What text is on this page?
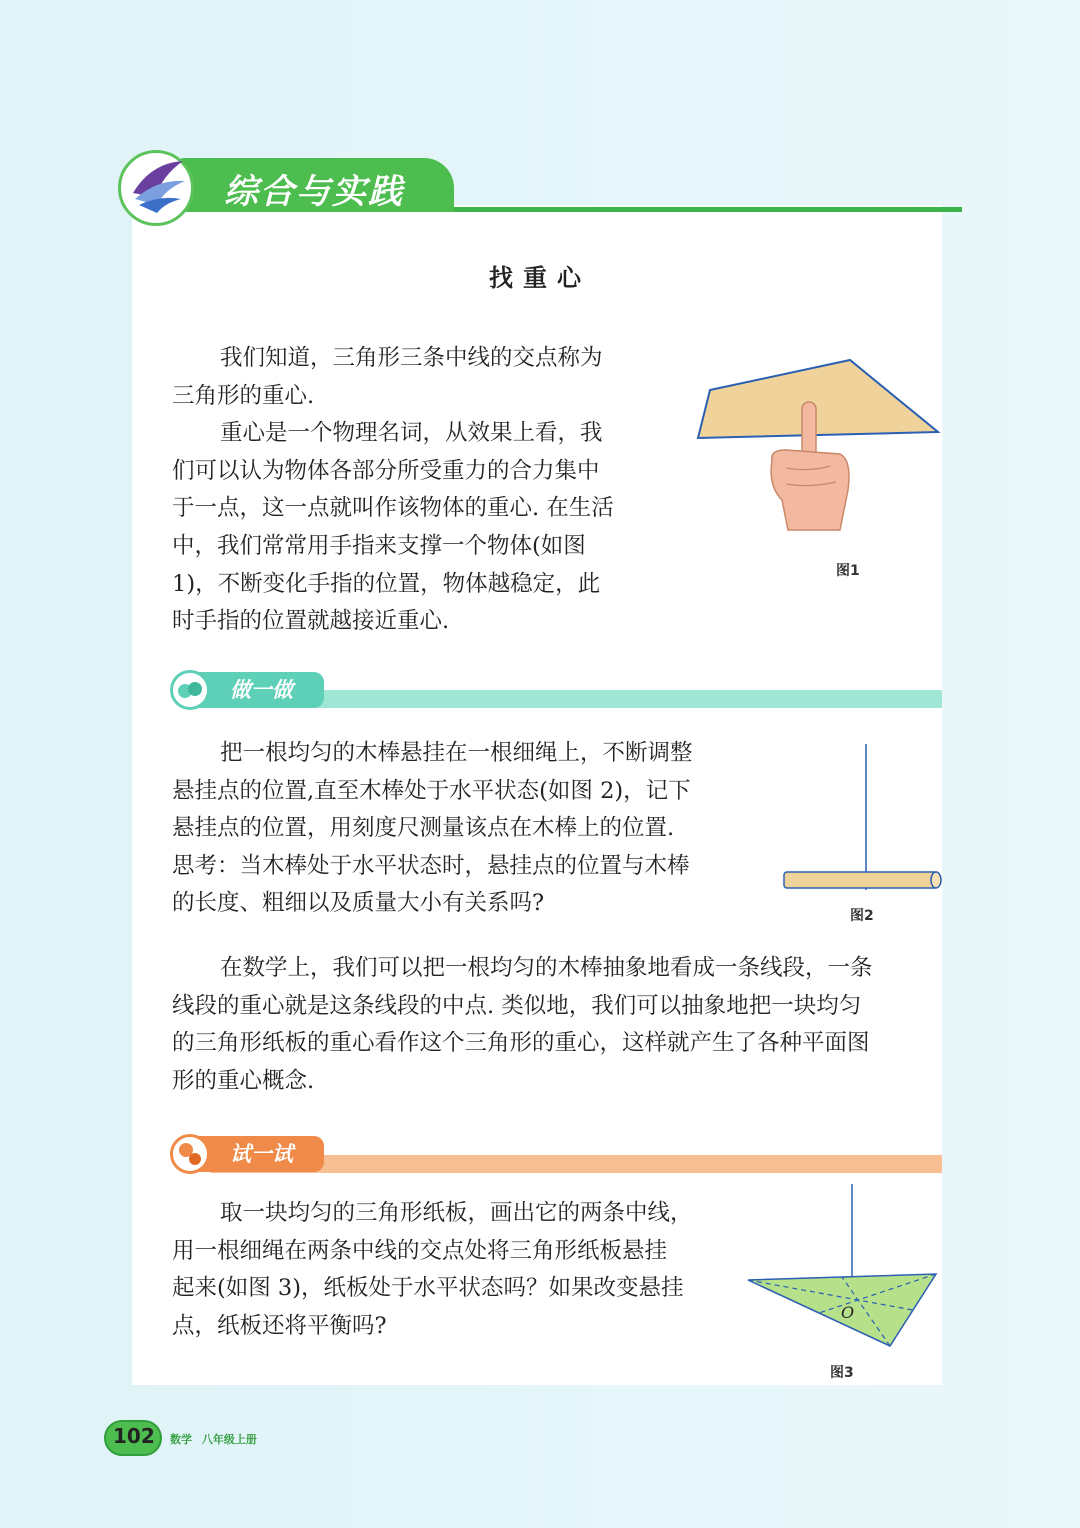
综合与实践
找重心
我们知道，三角形三条中线的交点称为
三角形的重心.
重心是一个物理名词，从效果上看，我
们可以认为物体各部分所受重力的合力集中
于一点，这一点就叫作该物体的重心. 在生活
中，我们常常用手指来支撑一个物体(如图
1)，不断变化手指的位置，物体越稳定，此
时手指的位置就越接近重心.
图1
做一做
把一根均匀的木棒悬挂在一根细绳上，不断调整
悬挂点的位置,直至木棒处于水平状态(如图 2)，记下
悬挂点的位置，用刻度尺测量该点在木棒上的位置.
思考：当木棒处于水平状态时，悬挂点的位置与木棒
的长度、粗细以及质量大小有关系吗?	图2
在数学上，我们可以把一根均匀的木棒抽象地看成一条线段，一条
线段的重心就是这条线段的中点. 类似地，我们可以抽象地把一块均匀
的三角形纸板的重心看作这个三角形的重心，这样就产生了各种平面图
形的重心概念.
试一试
取一块均匀的三角形纸板，画出它的两条中线，
用一根细绳在两条中线的交点处将三角形纸板悬挂
起来(如图 3)，纸板处于水平状态吗？如果改变悬挂
点，纸板还将平衡吗?
O
图3
102 数学 八年级上册
